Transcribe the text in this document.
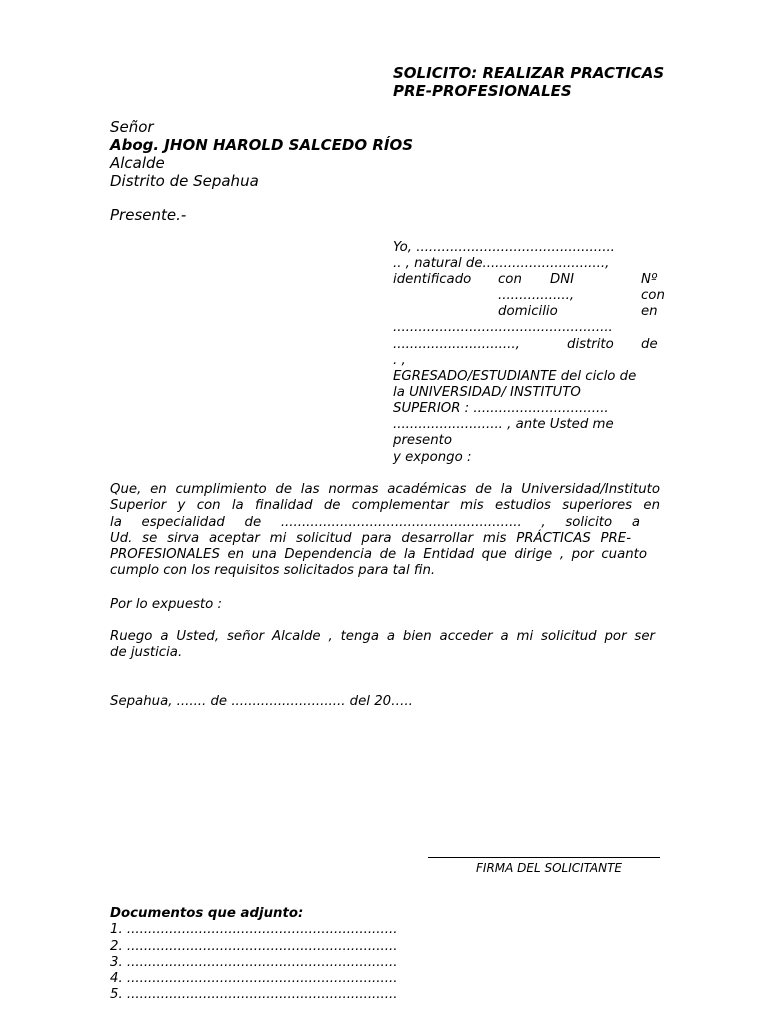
SOLICITO: REALIZAR PRACTICAS
PRE-PROFESIONALES
Señor
Abog. JHON HAROLD SALCEDO RÍOS
Alcalde
Distrito de Sepahua
Presente.-
Yo, ...............................................
.. , natural de.............................,
identificado con DNI	Nº
.................,	con
domicilio	en
....................................................
.............................,	distrito de
. ,
EGRESADO/ESTUDIANTE del ciclo de
la UNIVERSIDAD/ INSTITUTO
SUPERIOR : ................................
.......................... , ante Usted me
presento
y expongo :
Que, en cumplimiento de las normas académicas de la Universidad/Instituto
Superior y con la finalidad de complementar mis estudios superiores en
la especialidad de ......................................................... , solicito a
Ud. se sirva aceptar mi solicitud para desarrollar mis PRÁCTICAS PRE-
PROFESIONALES en una Dependencia de la Entidad que dirige , por cuanto
cumplo con los requisitos solicitados para tal fin.
Por lo expuesto :
Ruego a Usted, señor Alcalde , tenga a bien acceder a mi solicitud por ser
de justicia.
Sepahua, ....... de ........................... del 20…..
FIRMA DEL SOLICITANTE
Documentos que adjunto:
1. ................................................................
2. ................................................................
3. ................................................................
4. ................................................................
5. ................................................................
